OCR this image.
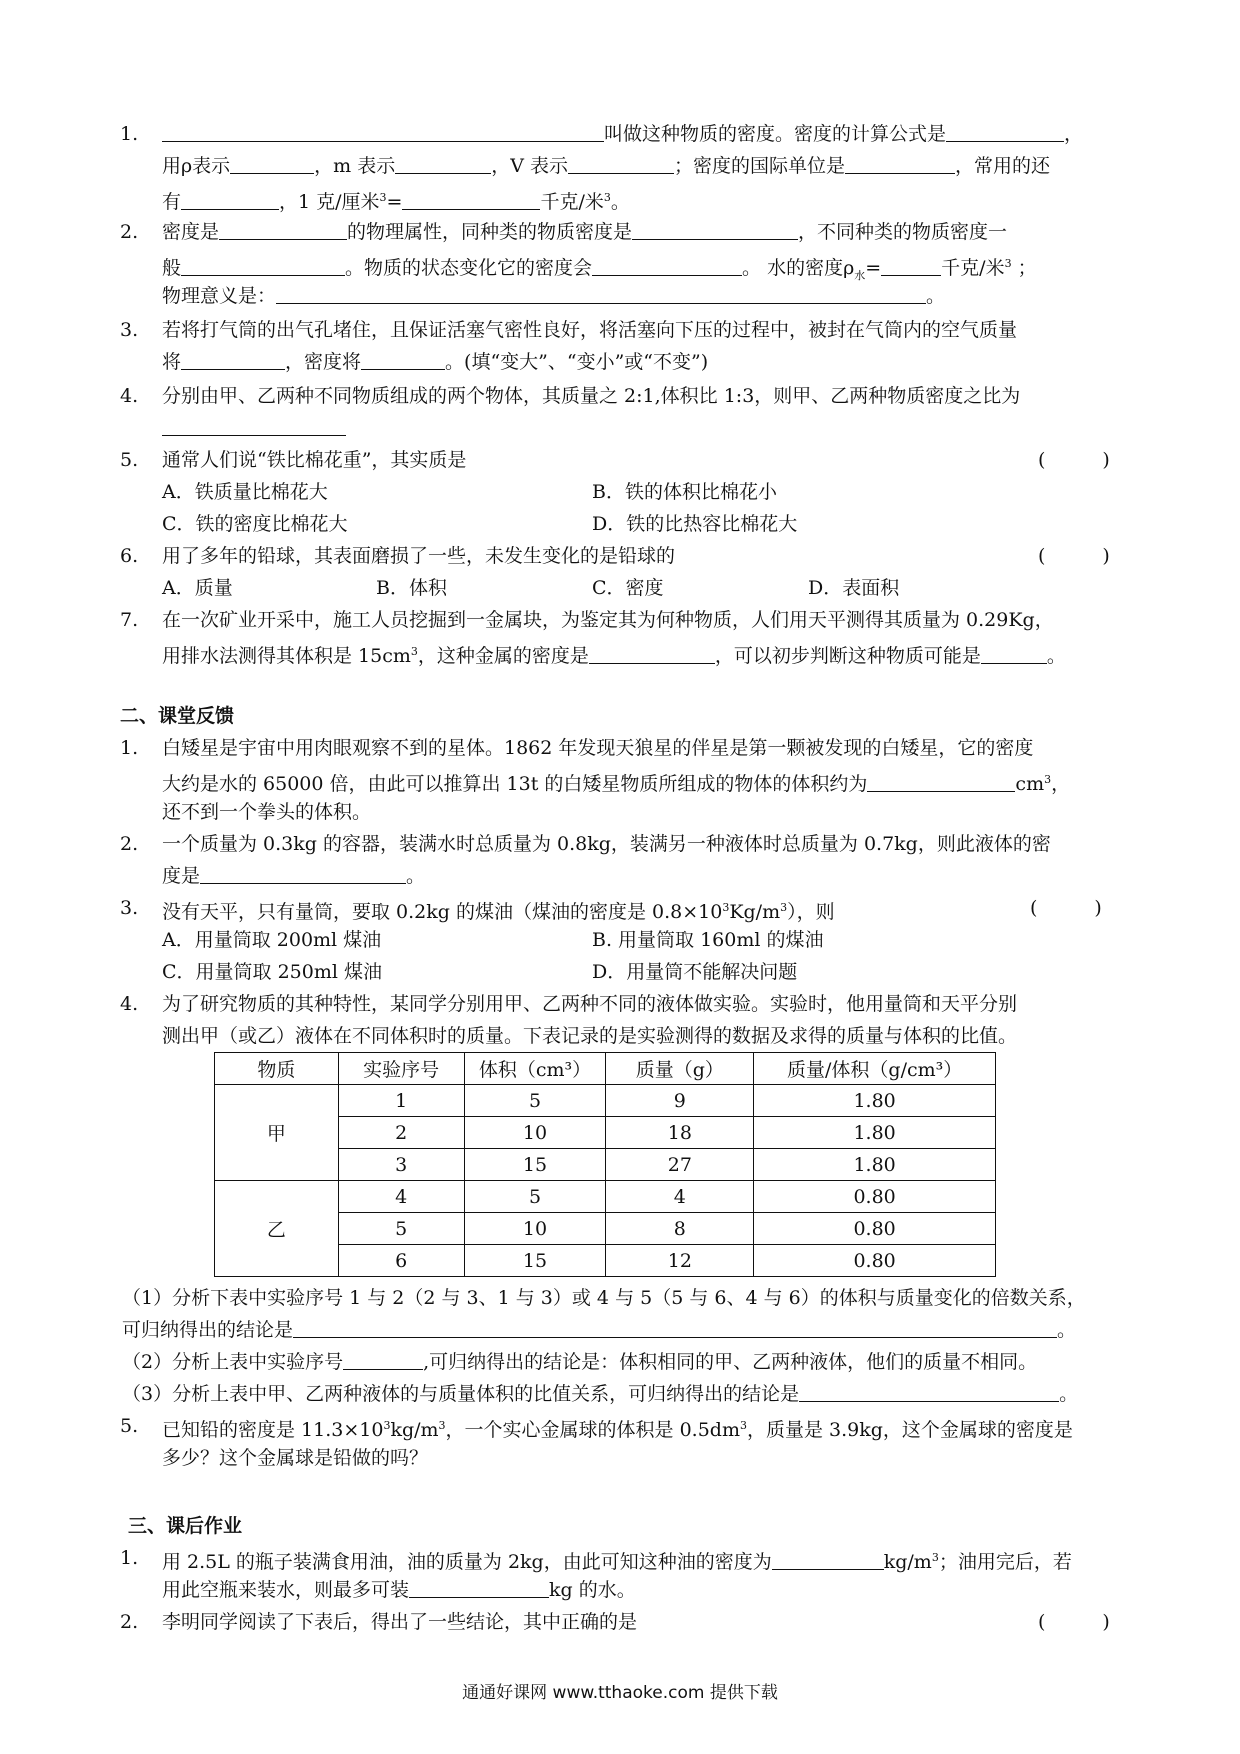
1.	叫做这种物质的密度。密度的计算公式是	，
用ρ表示	，m 表示	，V 表示	；密度的国际单位是	，常用的还
有	，1 克/厘米$^3$=	千克/米$^3$。
2. 密度是	的物理属性，同种类的物质密度是	，不同种类的物质密度一
般	。物质的状态变化它的密度会	。 水的密度$\rho_水=$	千克/米$^3$ ；
物理意义是：	。
3. 若将打气筒的出气孔堵住，且保证活塞气密性良好，将活塞向下压的过程中，被封在气筒内的空气质量
将	，密度将	。(填“变大”、“变小”或“不变”)
4. 分别由甲、乙两种不同物质组成的两个物体，其质量之 2:1,体积比 1:3，则甲、乙两种物质密度之比为
5. 通常人们说“铁比棉花重”，其实质是	(　　　)
A．铁质量比棉花大	B．铁的体积比棉花小
C．铁的密度比棉花大	D．铁的比热容比棉花大
6. 用了多年的铅球，其表面磨损了一些，未发生变化的是铅球的	(　　　)
A．质量	B．体积	C．密度	D．表面积
7. 在一次矿业开采中，施工人员挖掘到一金属块，为鉴定其为何种物质，人们用天平测得其质量为 0.29Kg，
用排水法测得其体积是 $15cm^3$，这种金属的密度是	，可以初步判断这种物质可能是	。
二、课堂反馈
1. 白矮星是宇宙中用肉眼观察不到的星体。1862 年发现天狼星的伴星是第一颗被发现的白矮星，它的密度
大约是水的 65000 倍，由此可以推算出 13t 的白矮星物质所组成的物体的体积约为	$cm^3$，
还不到一个拳头的体积。
2. 一个质量为 0.3kg 的容器，装满水时总质量为 0.8kg，装满另一种液体时总质量为 0.7kg，则此液体的密
度是	。
3. 没有天平，只有量筒，要取 0.2kg 的煤油（煤油的密度是 $0.8\times 10^3Kg/m^3$），则	(　　　)
A．用量筒取 200ml 煤油	B. 用量筒取 160ml 的煤油
C．用量筒取 250ml 煤油	D．用量筒不能解决问题
4. 为了研究物质的其种特性，某同学分别用甲、乙两种不同的液体做实验。实验时，他用量筒和天平分别
测出甲（或乙）液体在不同体积时的质量。下表记录的是实验测得的数据及求得的质量与体积的比值。
物质	实验序号	体积（cm³）	质量（g）	质量/体积（g/cm³）
甲	1	5	9	1.80
	2	10	18	1.80
	3	15	27	1.80
乙	4	5	4	0.80
	5	10	8	0.80
	6	15	12	0.80
（1）分析下表中实验序号 1 与 2（2 与 3、1 与 3）或 4 与 5（5 与 6、4 与 6）的体积与质量变化的倍数关系，
可归纳得出的结论是	。
（2）分析上表中实验序号	,可归纳得出的结论是：体积相同的甲、乙两种液体，他们的质量不相同。
（3）分析上表中甲、乙两种液体的与质量体积的比值关系，可归纳得出的结论是	。
5. 已知铅的密度是 $11.3\times 10^3kg/m^3$，一个实心金属球的体积是 $0.5dm^3$，质量是 3.9kg，这个金属球的密度是
多少？这个金属球是铅做的吗？
三、课后作业
1. 用 2.5L 的瓶子装满食用油，油的质量为 2kg，由此可知这种油的密度为	$kg/m^3$；油用完后，若
用此空瓶来装水，则最多可装	kg 的水。
2. 李明同学阅读了下表后，得出了一些结论，其中正确的是	(　　　)
通通好课网 www.tthaoke.com 提供下载
